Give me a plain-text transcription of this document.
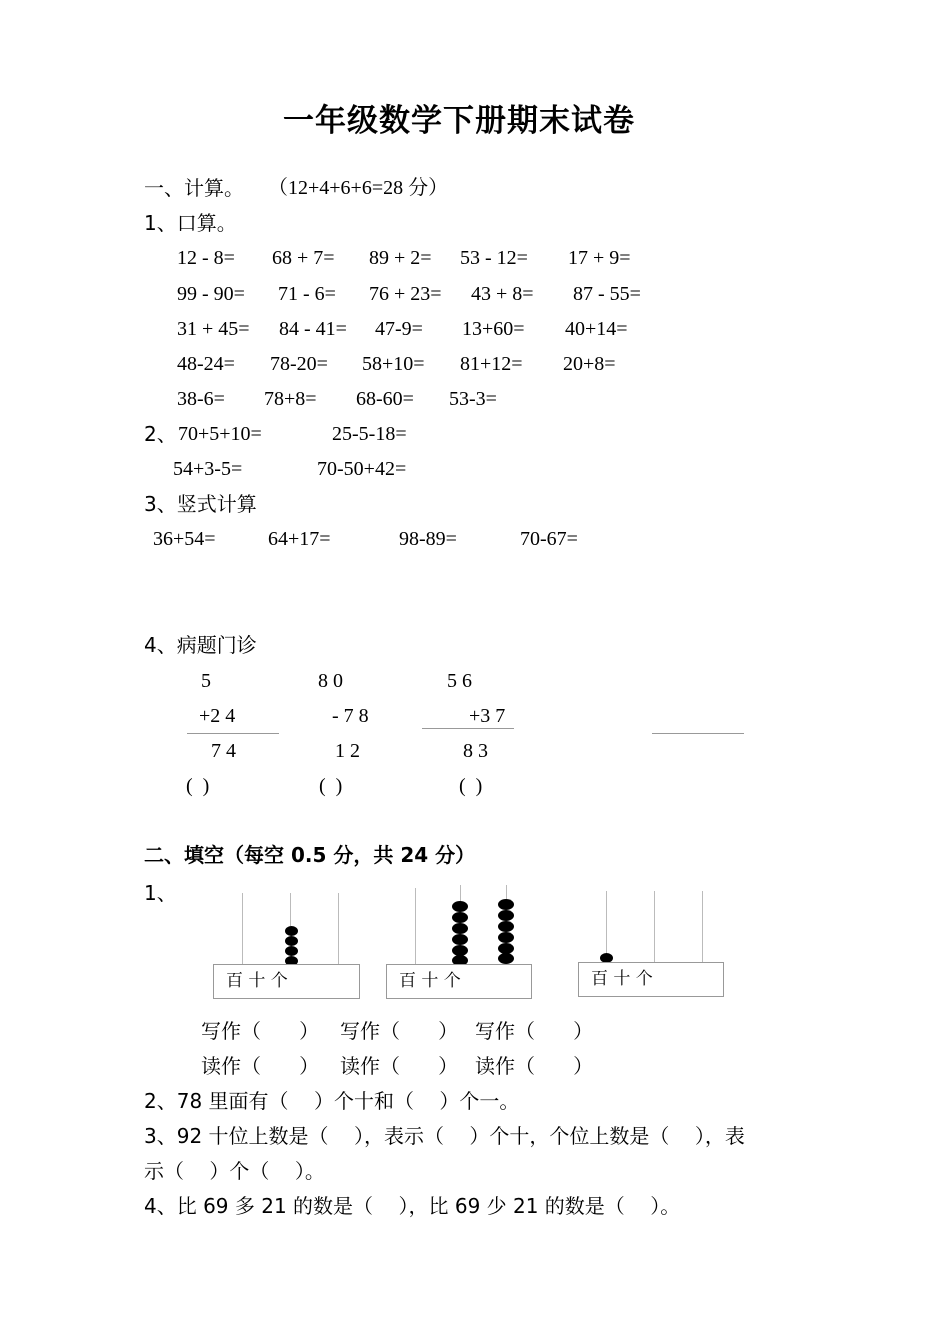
一年级数学下册期末试卷
一、计算。 （12+4+6+6=28 分）
1、口算。
12 - 8= 68 + 7= 89 + 2= 53 - 12= 17 + 9=
99 - 90= 71 - 6= 76 + 23= 43 + 8= 87 - 55=
31 + 45= 84 - 41= 47-9= 13+60= 40+14=
48-24= 78-20= 58+10= 81+12= 20+8=
38-6= 78+8= 68-60= 53-3=
2、 70+5+10=	25-5-18=
54+3-5=	70-50+42=
3、竖式计算
36+54=	64+17=	98-89=	70-67=
4、病题门诊
5
+2 4
7 4
(  )
8 0
- 7 8
1 2
(  )
5 6
+3 7
8 3
(  )
二、填空（每空 0.5 分，共 24 分）
1、
百 十 个	百 十 个	百 十 个
写作（      ） 写作（      ） 写作（      ）
读作（      ） 读作（      ） 读作（      ）
2、78 里面有（    ）个十和（    ）个一。
3、92 十位上数是（    ），表示（    ）个十，个位上数是（    ），表
示（    ）个（    ）。
4、比 69 多 21 的数是（    ），比 69 少 21 的数是（    ）。
